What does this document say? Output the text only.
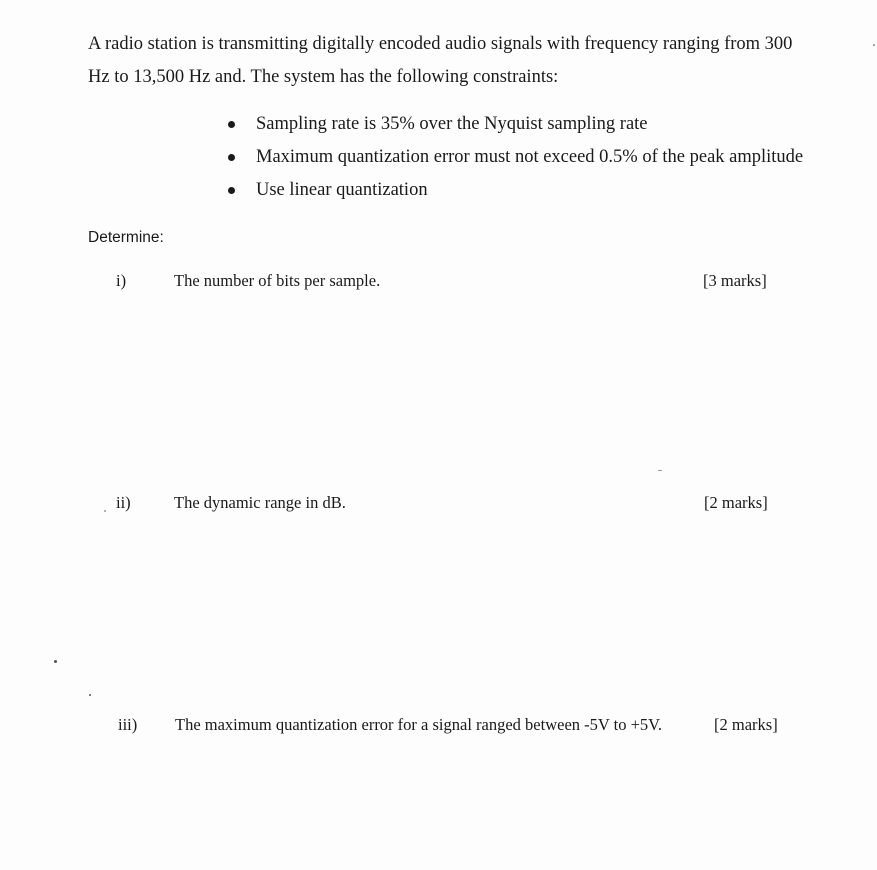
A radio station is transmitting digitally encoded audio signals with frequency ranging from 300
Hz to 13,500 Hz and. The system has the following constraints:

Sampling rate is 35% over the Nyquist sampling rate
Maximum quantization error must not exceed 0.5% of the peak amplitude
Use linear quantization

Determine:

i)	The number of bits per sample.	[3 marks]
ii)	The dynamic range in dB.	[2 marks]
iii) The maximum quantization error for a signal ranged between -5V to +5V.	[2 marks]
